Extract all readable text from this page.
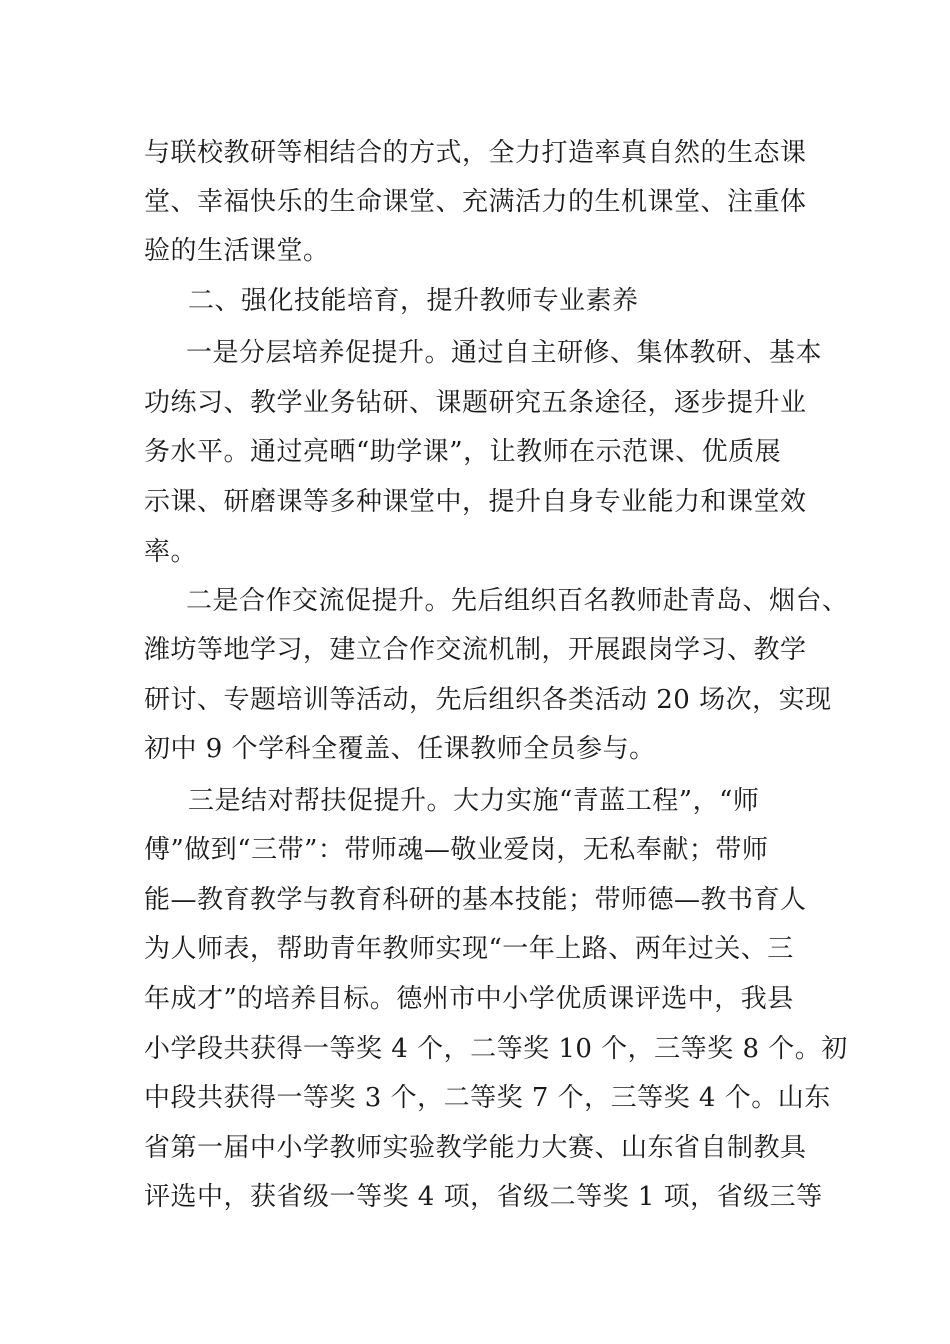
与联校教研等相结合的方式，全力打造率真自然的生态课
堂、幸福快乐的生命课堂、充满活力的生机课堂、注重体
验的生活课堂。
二、强化技能培育，提升教师专业素养
一是分层培养促提升。通过自主研修、集体教研、基本
功练习、教学业务钻研、课题研究五条途径，逐步提升业
务水平。通过亮晒“助学课”，让教师在示范课、优质展
示课、研磨课等多种课堂中，提升自身专业能力和课堂效
率。
二是合作交流促提升。先后组织百名教师赴青岛、烟台、
潍坊等地学习，建立合作交流机制，开展跟岗学习、教学
研讨、专题培训等活动，先后组织各类活动 20 场次，实现
初中 9 个学科全覆盖、任课教师全员参与。
三是结对帮扶促提升。大力实施“青蓝工程”，“师
傅”做到“三带”：带师魂—敬业爱岗，无私奉献；带师
能—教育教学与教育科研的基本技能；带师德—教书育人
为人师表，帮助青年教师实现“一年上路、两年过关、三
年成才”的培养目标。德州市中小学优质课评选中，我县
小学段共获得一等奖 4 个，二等奖 10 个，三等奖 8 个。初
中段共获得一等奖 3 个，二等奖 7 个，三等奖 4 个。山东
省第一届中小学教师实验教学能力大赛、山东省自制教具
评选中，获省级一等奖 4 项，省级二等奖 1 项，省级三等
